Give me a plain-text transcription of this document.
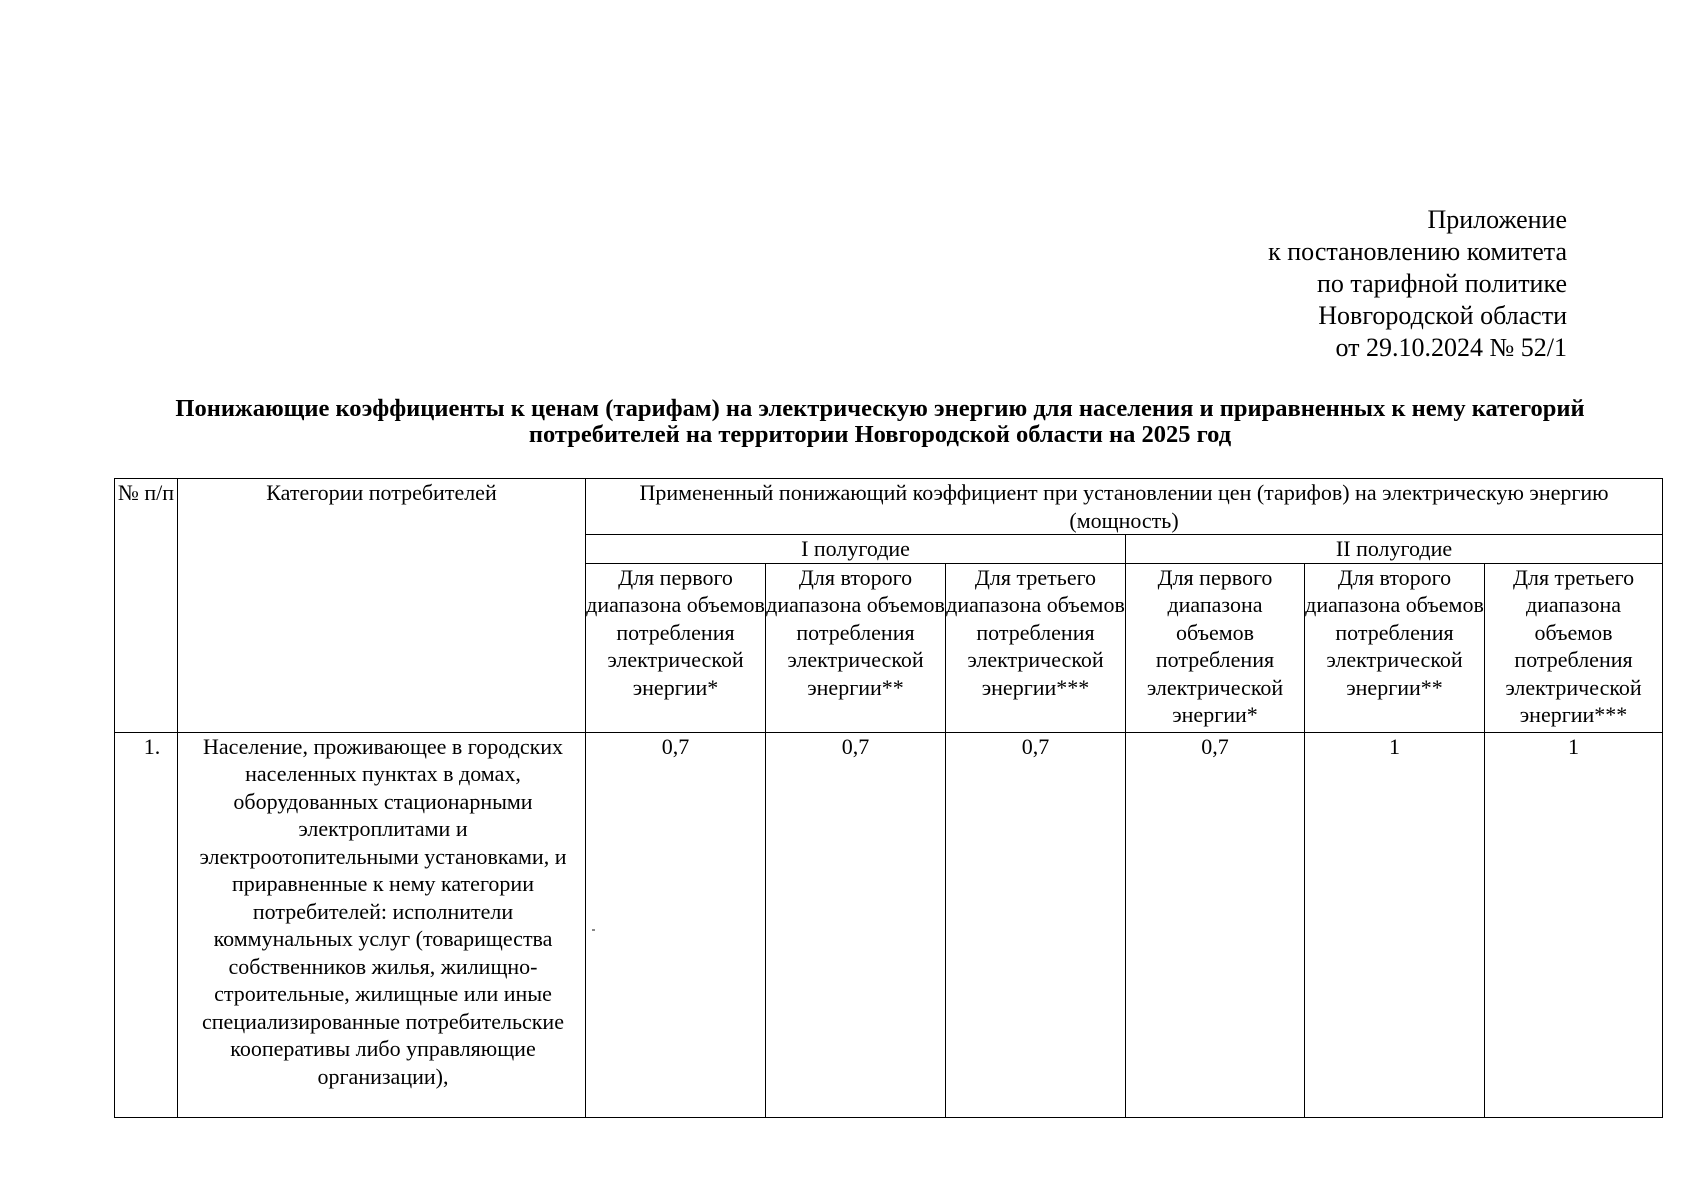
Приложение
к постановлению комитета
по тарифной политике
Новгородской области
от 29.10.2024 № 52/1
Понижающие коэффициенты к ценам (тарифам) на электрическую энергию для населения и приравненных к нему категорий потребителей на территории Новгородской области на 2025 год
№ п/п	Категории потребителей	Примененный понижающий коэффициент при установлении цен (тарифов) на электрическую энергию (мощность)					
		I полугодие			II полугодие		
		Для первого диапазона объемов потребления электрической энергии*	Для второго диапазона объемов потребления электрической энергии**	Для третьего диапазона объемов потребления электрической энергии***	Для первого диапазона объемов потребления электрической энергии*	Для второго диапазона объемов потребления электрической энергии**	Для третьего диапазона объемов потребления электрической энергии***
1.	Население, проживающее в городских населенных пунктах в домах, оборудованных стационарными электроплитами и электроотопительными установками, и приравненные к нему категории потребителей: исполнители коммунальных услуг (товарищества собственников жилья, жилищно-строительные, жилищные или иные специализированные потребительские кооперативы либо управляющие организации),	0,7	0,7	0,7	0,7	1	1
